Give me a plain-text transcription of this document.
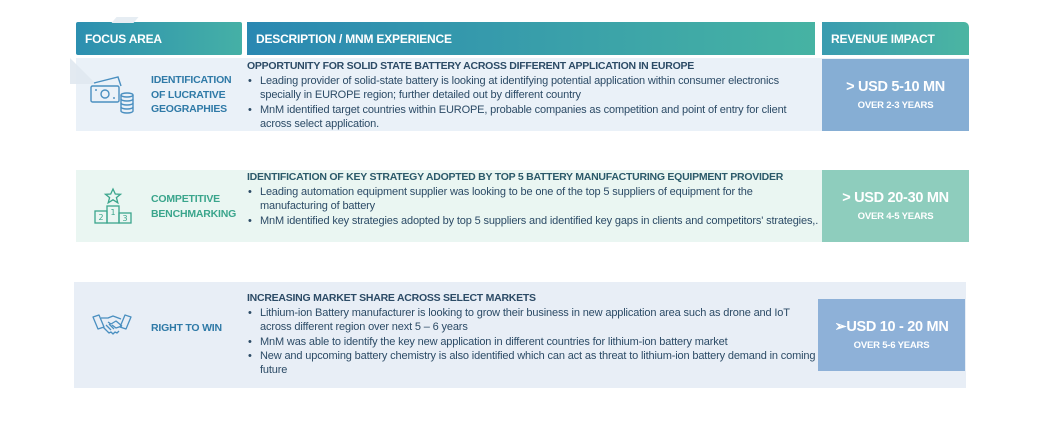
FOCUS AREA	DESCRIPTION / MNM EXPERIENCE	REVENUE IMPACT
IDENTIFICATION
OF LUCRATIVE
GEOGRAPHIES
OPPORTUNITY FOR SOLID STATE BATTERY ACROSS DIFFERENT APPLICATION IN EUROPE
• Leading provider of solid-state battery is looking at identifying potential application within consumer electronics specially in EUROPE region; further detailed out by different country
• MnM identified target countries within EUROPE, probable companies as competition and point of entry for client across select application.
> USD 5-10 MN
OVER 2-3 YEARS
2
1
3
COMPETITIVE
BENCHMARKING
IDENTIFICATION OF KEY STRATEGY ADOPTED BY TOP 5 BATTERY MANUFACTURING EQUIPMENT PROVIDER
• Leading automation equipment supplier was looking to be one of the top 5 suppliers of equipment for the manufacturing of battery
• MnM identified key strategies adopted by top 5 suppliers and identified key gaps in clients and competitors' strategies,.
> USD 20-30 MN
OVER 4-5 YEARS
RIGHT TO WIN
INCREASING MARKET SHARE ACROSS SELECT MARKETS
• Lithium-ion Battery manufacturer is looking to grow their business in new application area such as drone and IoT across different region over next 5 – 6 years
• MnM was able to identify the key new application in different countries for lithium-ion battery market
• New and upcoming battery chemistry is also identified which can act as threat to lithium-ion battery demand in coming future
➢USD 10 - 20 MN
OVER 5-6 YEARS
